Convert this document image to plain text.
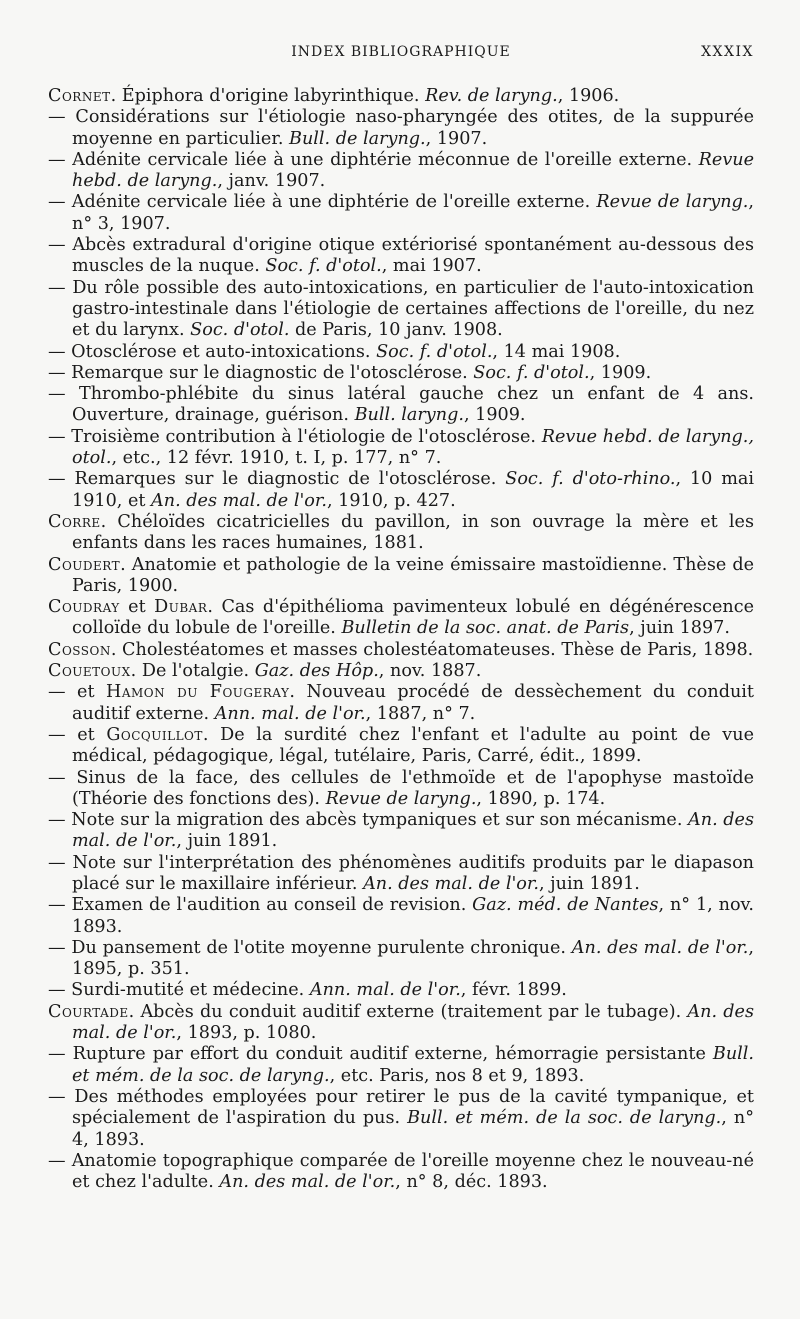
INDEX BIBLIOGRAPHIQUE	XXXIX

Cornet. Épiphora d'origine labyrinthique. Rev. de laryng., 1906.

— Considérations sur l'étiologie naso-pharyngée des otites, de la suppurée moyenne en particulier. Bull. de laryng., 1907.

— Adénite cervicale liée à une diphtérie méconnue de l'oreille externe. Revue hebd. de laryng., janv. 1907.

— Adénite cervicale liée à une diphtérie de l'oreille externe. Revue de laryng., n° 3, 1907.

— Abcès extradural d'origine otique extériorisé spontanément au-dessous des muscles de la nuque. Soc. f. d'otol., mai 1907.

— Du rôle possible des auto-intoxications, en particulier de l'auto-intoxication gastro-intestinale dans l'étiologie de certaines affections de l'oreille, du nez et du larynx. Soc. d'otol. de Paris, 10 janv. 1908.

— Otosclérose et auto-intoxications. Soc. f. d'otol., 14 mai 1908.

— Remarque sur le diagnostic de l'otosclérose. Soc. f. d'otol., 1909.

— Thrombo-phlébite du sinus latéral gauche chez un enfant de 4 ans. Ouverture, drainage, guérison. Bull. laryng., 1909.

— Troisième contribution à l'étiologie de l'otosclérose. Revue hebd. de laryng., otol., etc., 12 févr. 1910, t. I, p. 177, n° 7.

— Remarques sur le diagnostic de l'otosclérose. Soc. f. d'oto-rhino., 10 mai 1910, et An. des mal. de l'or., 1910, p. 427.

Corre. Chéloïdes cicatricielles du pavillon, in son ouvrage la mère et les enfants dans les races humaines, 1881.

Coudert. Anatomie et pathologie de la veine émissaire mastoïdienne. Thèse de Paris, 1900.

Coudray et Dubar. Cas d'épithélioma pavimenteux lobulé en dégénérescence colloïde du lobule de l'oreille. Bulletin de la soc. anat. de Paris, juin 1897.

Cosson. Cholestéatomes et masses cholestéatomateuses. Thèse de Paris, 1898.

Couetoux. De l'otalgie. Gaz. des Hôp., nov. 1887.

— et Hamon du Fougeray. Nouveau procédé de dessèchement du conduit auditif externe. Ann. mal. de l'or., 1887, n° 7.

— et Gocquillot. De la surdité chez l'enfant et l'adulte au point de vue médical, pédagogique, légal, tutélaire, Paris, Carré, édit., 1899.

— Sinus de la face, des cellules de l'ethmoïde et de l'apophyse mastoïde (Théorie des fonctions des). Revue de laryng., 1890, p. 174.

— Note sur la migration des abcès tympaniques et sur son mécanisme. An. des mal. de l'or., juin 1891.

— Note sur l'interprétation des phénomènes auditifs produits par le diapason placé sur le maxillaire inférieur. An. des mal. de l'or., juin 1891.

— Examen de l'audition au conseil de revision. Gaz. méd. de Nantes, n° 1, nov. 1893.

— Du pansement de l'otite moyenne purulente chronique. An. des mal. de l'or., 1895, p. 351.

— Surdi-mutité et médecine. Ann. mal. de l'or., févr. 1899.

Courtade. Abcès du conduit auditif externe (traitement par le tubage). An. des mal. de l'or., 1893, p. 1080.

— Rupture par effort du conduit auditif externe, hémorragie persistante Bull. et mém. de la soc. de laryng., etc. Paris, nos 8 et 9, 1893.

— Des méthodes employées pour retirer le pus de la cavité tympanique, et spécialement de l'aspiration du pus. Bull. et mém. de la soc. de laryng., n° 4, 1893.

— Anatomie topographique comparée de l'oreille moyenne chez le nouveau-né et chez l'adulte. An. des mal. de l'or., n° 8, déc. 1893.
